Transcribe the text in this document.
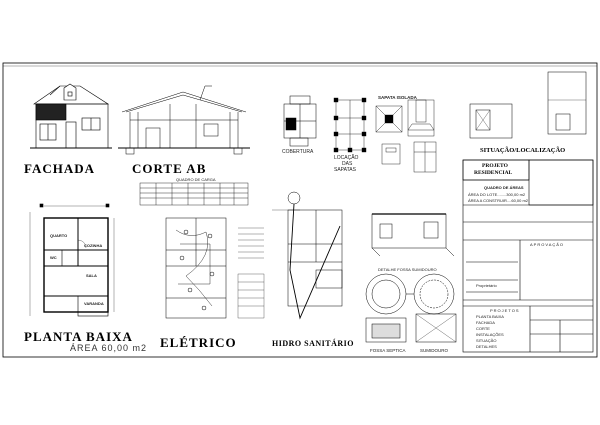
FACHADA	CORTE AB
PLANTA BAIXA
ÁREA 60,00 m2 ELÉTRICO	HIDRO SANITÁRIO
COBERTURA
LOCAÇÃO
DAS
SAPATAS
SAPATA ISOLADA
SITUAÇÃO/LOCALIZAÇÃO
QUADRO DE CARGA
FOSSA SEPTICA	SUMIDOURO
DETALHE FOSSA SUMIDOURO
QUARTO
COZINHA
WC
SALA
VARANDA
PROJETO
RESIDENCIAL
QUADRO DE ÁREAS
ÁREA DO LOTE........300,00 m2
ÁREA A CONSTRUIR....60,00 m2
APROVAÇÃO
Proprietário
PROJETOS
PLANTA BAIXA
FACHADA
CORTE
INSTALAÇÕES
SITUAÇÃO
DETALHES
